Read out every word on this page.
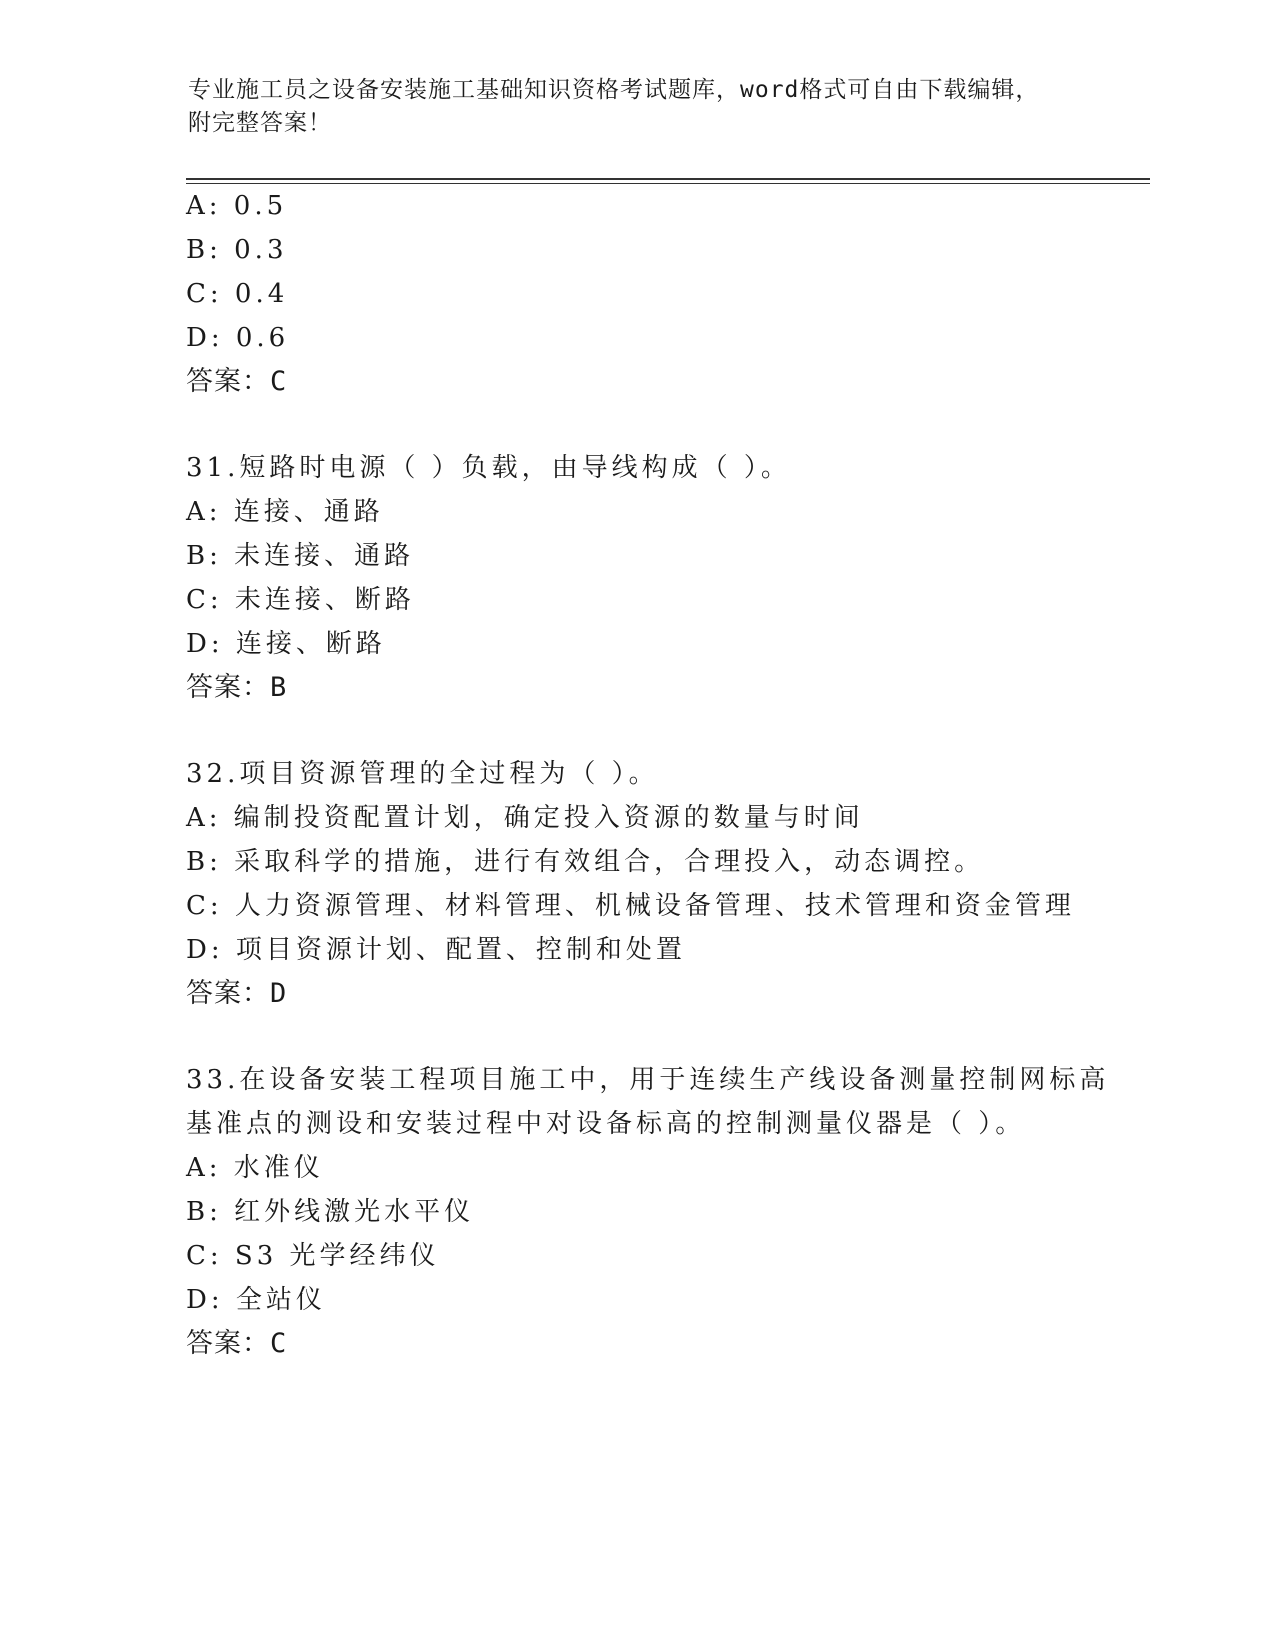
专业施工员之设备安装施工基础知识资格考试题库，word格式可自由下载编辑，
附完整答案！
A: 0.5
B: 0.3
C: 0.4
D: 0.6
答案：C
31.短路时电源（ ）负载，由导线构成（ ）。
A: 连接、通路
B: 未连接、通路
C: 未连接、断路
D: 连接、断路
答案：B
32.项目资源管理的全过程为（ ）。
A: 编制投资配置计划，确定投入资源的数量与时间
B: 采取科学的措施，进行有效组合，合理投入，动态调控。
C: 人力资源管理、材料管理、机械设备管理、技术管理和资金管理
D: 项目资源计划、配置、控制和处置
答案：D
33.在设备安装工程项目施工中，用于连续生产线设备测量控制网标高
基准点的测设和安装过程中对设备标高的控制测量仪器是（ ）。
A: 水准仪
B: 红外线激光水平仪
C: S3 光学经纬仪
D: 全站仪
答案：C
